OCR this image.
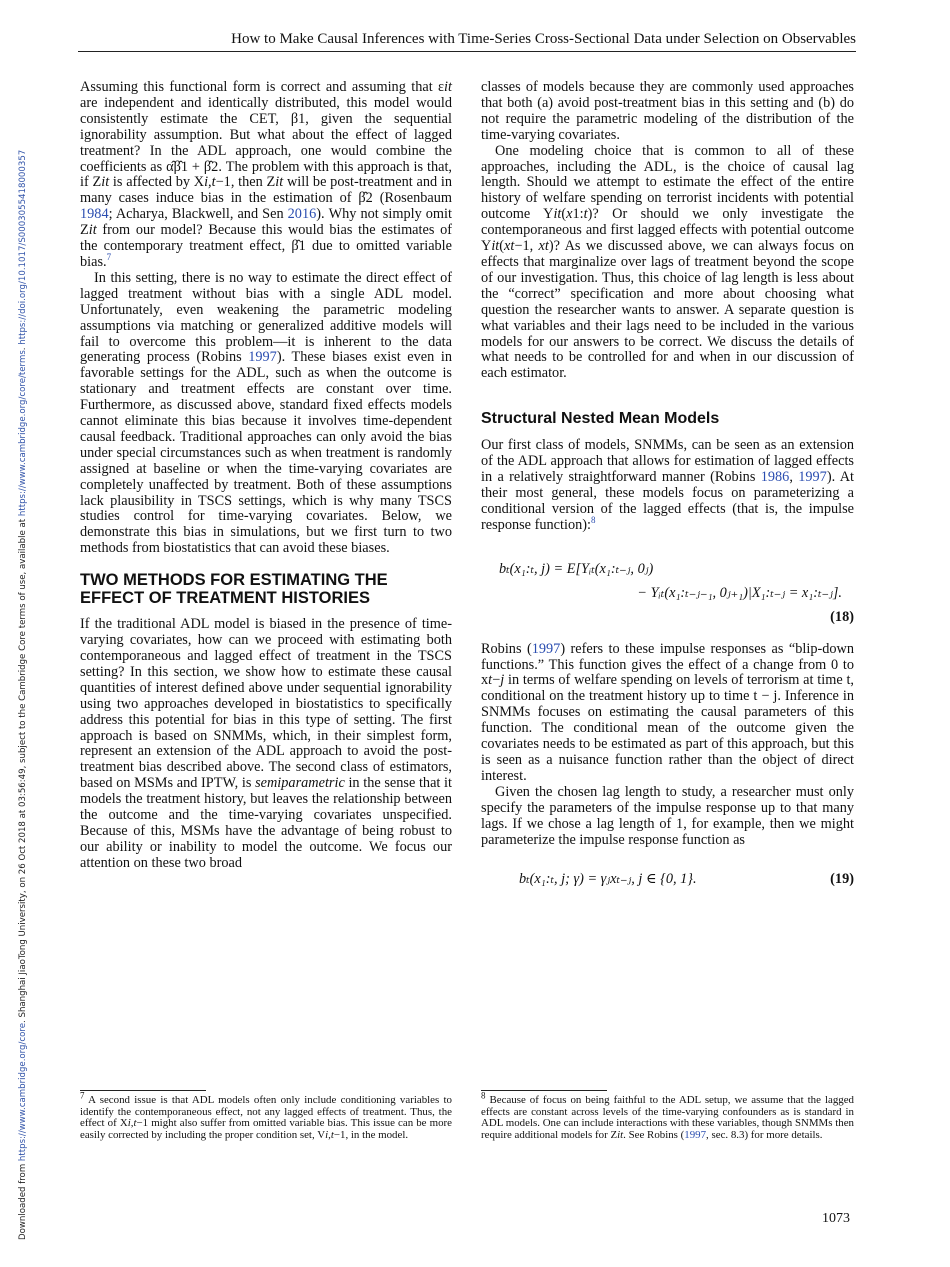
How to Make Causal Inferences with Time-Series Cross-Sectional Data under Selection on Observables
Downloaded from https://www.cambridge.org/core. Shanghai JiaoTong University, on 26 Oct 2018 at 03:56:49, subject to the Cambridge Core terms of use, available at https://www.cambridge.org/core/terms. https://doi.org/10.1017/S0003055418000357

Assuming this functional form is correct and assuming that εit are independent and identically distributed, this model would consistently estimate the CET, β1, given the sequential ignorability assumption. But what about the effect of lagged treatment? In the ADL approach, one would combine the coefficients as α̂β̂1 + β̂2. The problem with this approach is that, if Zit is affected by Xi,t−1, then Zit will be post-treatment and in many cases induce bias in the estimation of β̂2 (Rosenbaum 1984; Acharya, Blackwell, and Sen 2016). Why not simply omit Zit from our model? Because this would bias the estimates of the contemporary treatment effect, β̂1 due to omitted variable bias.$^7$

In this setting, there is no way to estimate the direct effect of lagged treatment without bias with a single ADL model. Unfortunately, even weakening the parametric modeling assumptions via matching or generalized additive models will fail to overcome this problem—it is inherent to the data generating process (Robins 1997). These biases exist even in favorable settings for the ADL, such as when the outcome is stationary and treatment effects are constant over time. Furthermore, as discussed above, standard fixed effects models cannot eliminate this bias because it involves time-dependent causal feedback. Traditional approaches can only avoid the bias under special circumstances such as when treatment is randomly assigned at baseline or when the time-varying covariates are completely unaffected by treatment. Both of these assumptions lack plausibility in TSCS settings, which is why many TSCS studies control for time-varying covariates. Below, we demonstrate this bias in simulations, but we first turn to two methods from biostatistics that can avoid these biases.

TWO METHODS FOR ESTIMATING THE EFFECT OF TREATMENT HISTORIES

If the traditional ADL model is biased in the presence of time-varying covariates, how can we proceed with estimating both contemporaneous and lagged effect of treatment in the TSCS setting? In this section, we show how to estimate these causal quantities of interest defined above under sequential ignorability using two approaches developed in biostatistics to specifically address this potential for bias in this type of setting. The first approach is based on SNMMs, which, in their simplest form, represent an extension of the ADL approach to avoid the post-treatment bias described above. The second class of estimators, based on MSMs and IPTW, is semiparametric in the sense that it models the treatment history, but leaves the relationship between the outcome and the time-varying covariates unspecified. Because of this, MSMs have the advantage of being robust to our ability or inability to model the outcome. We focus our attention on these two broad

$^7$ A second issue is that ADL models often only include conditioning variables to identify the contemporaneous effect, not any lagged effects of treatment. Thus, the effect of Xi,t−1 might also suffer from omitted variable bias. This issue can be more easily corrected by including the proper condition set, Vi,t−1, in the model.

classes of models because they are commonly used approaches that both (a) avoid post-treatment bias in this setting and (b) do not require the parametric modeling of the distribution of the time-varying covariates.

One modeling choice that is common to all of these approaches, including the ADL, is the choice of causal lag length. Should we attempt to estimate the effect of the entire history of welfare spending on terrorist incidents with potential outcome Yit(x1:t)? Or should we only investigate the contemporaneous and first lagged effects with potential outcome Yit(xt−1, xt)? As we discussed above, we can always focus on effects that marginalize over lags of treatment beyond the scope of our investigation. Thus, this choice of lag length is less about the “correct” specification and more about choosing what question the researcher wants to answer. A separate question is what variables and their lags need to be included in the various models for our answers to be correct. We discuss the details of what needs to be controlled for and when in our discussion of each estimator.

Structural Nested Mean Models

Our first class of models, SNMMs, can be seen as an extension of the ADL approach that allows for estimation of lagged effects in a relatively straightforward manner (Robins 1986, 1997). At their most general, these models focus on parameterizing a conditional version of the lagged effects (that is, the impulse response function):$^8$

bₜ(x₁:ₜ, j) = E[Yᵢₜ(x₁:ₜ₋ⱼ, 0ⱼ)
− Yᵢₜ(x₁:ₜ₋ⱼ₋₁, 0ⱼ₊₁)|X₁:ₜ₋ⱼ = x₁:ₜ₋ⱼ].
(18)

Robins (1997) refers to these impulse responses as “blip-down functions.” This function gives the effect of a change from 0 to xt−j in terms of welfare spending on levels of terrorism at time t, conditional on the treatment history up to time t − j. Inference in SNMMs focuses on estimating the causal parameters of this function. The conditional mean of the outcome given the covariates needs to be estimated as part of this approach, but this is seen as a nuisance function rather than the object of direct interest.

Given the chosen lag length to study, a researcher must only specify the parameters of the impulse response up to that many lags. If we chose a lag length of 1, for example, then we might parameterize the impulse response function as

bₜ(x₁:ₜ, j; γ) = γⱼxₜ₋ⱼ, j ∈ {0, 1}.	(19)
$^8$ Because of focus on being faithful to the ADL setup, we assume that the lagged effects are constant across levels of the time-varying confounders as is standard in ADL models. One can include interactions with these variables, though SNMMs then require additional models for Zit. See Robins (1997, sec. 8.3) for more details.
1073
